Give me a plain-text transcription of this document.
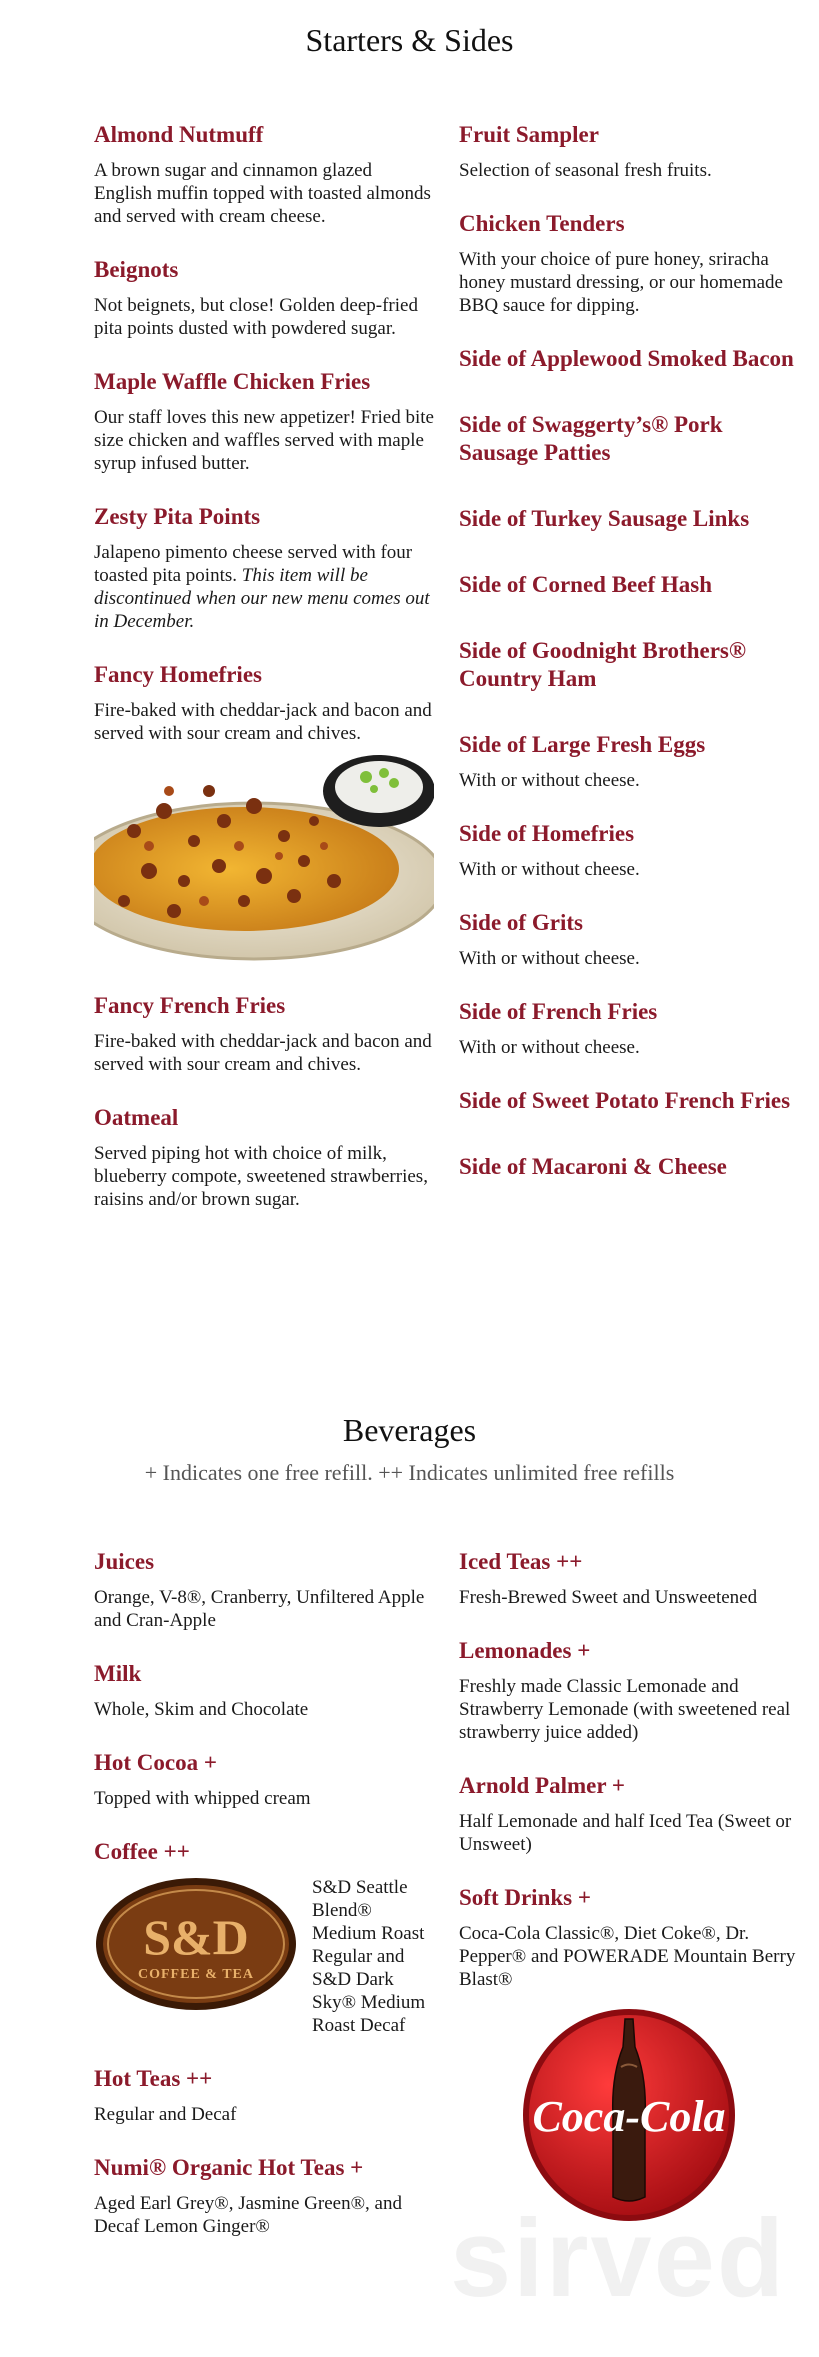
Starters & Sides
Almond Nutmuff

A brown sugar and cinnamon glazed English muffin topped with toasted almonds and served with cream cheese.

Beignots

Not beignets, but close! Golden deep-fried pita points dusted with powdered sugar.

Maple Waffle Chicken Fries

Our staff loves this new appetizer! Fried bite size chicken and waffles served with maple syrup infused butter.

Zesty Pita Points

Jalapeno pimento cheese served with four toasted pita points. This item will be discontinued when our new menu comes out in December.

Fancy Homefries

Fire-baked with cheddar-jack and bacon and served with sour cream and chives.

Fancy French Fries

Fire-baked with cheddar-jack and bacon and served with sour cream and chives.

Oatmeal

Served piping hot with choice of milk, blueberry compote, sweetened strawberries, raisins and/or brown sugar.

Fruit Sampler

Selection of seasonal fresh fruits.

Chicken Tenders

With your choice of pure honey, sriracha honey mustard dressing, or our homemade BBQ sauce for dipping.

Side of Applewood Smoked Bacon
Side of Swaggerty’s® Pork Sausage Patties
Side of Turkey Sausage Links
Side of Corned Beef Hash
Side of Goodnight Brothers® Country Ham
Side of Large Fresh Eggs

With or without cheese.

Side of Homefries

With or without cheese.

Side of Grits

With or without cheese.

Side of French Fries

With or without cheese.

Side of Sweet Potato French Fries
Side of Macaroni & Cheese
Beverages
+ Indicates one free refill. ++ Indicates unlimited free refills
Juices

Orange, V-8®, Cranberry, Unfiltered Apple and Cran-Apple

Milk

Whole, Skim and Chocolate

Hot Cocoa +

Topped with whipped cream

Coffee ++
S&D
COFFEE & TEA

S&D Seattle Blend® Medium Roast Regular and S&D Dark Sky® Medium Roast Decaf

Hot Teas ++

Regular and Decaf

Numi® Organic Hot Teas +

Aged Earl Grey®, Jasmine Green®, and Decaf Lemon Ginger®

Iced Teas ++

Fresh-Brewed Sweet and Unsweetened

Lemonades +

Freshly made Classic Lemonade and Strawberry Lemonade (with sweetened real strawberry juice added)

Arnold Palmer +

Half Lemonade and half Iced Tea (Sweet or Unsweet)

Soft Drinks +

Coca-Cola Classic®, Diet Coke®, Dr. Pepper® and POWERADE Mountain Berry Blast®

Coca-Cola
sirved
